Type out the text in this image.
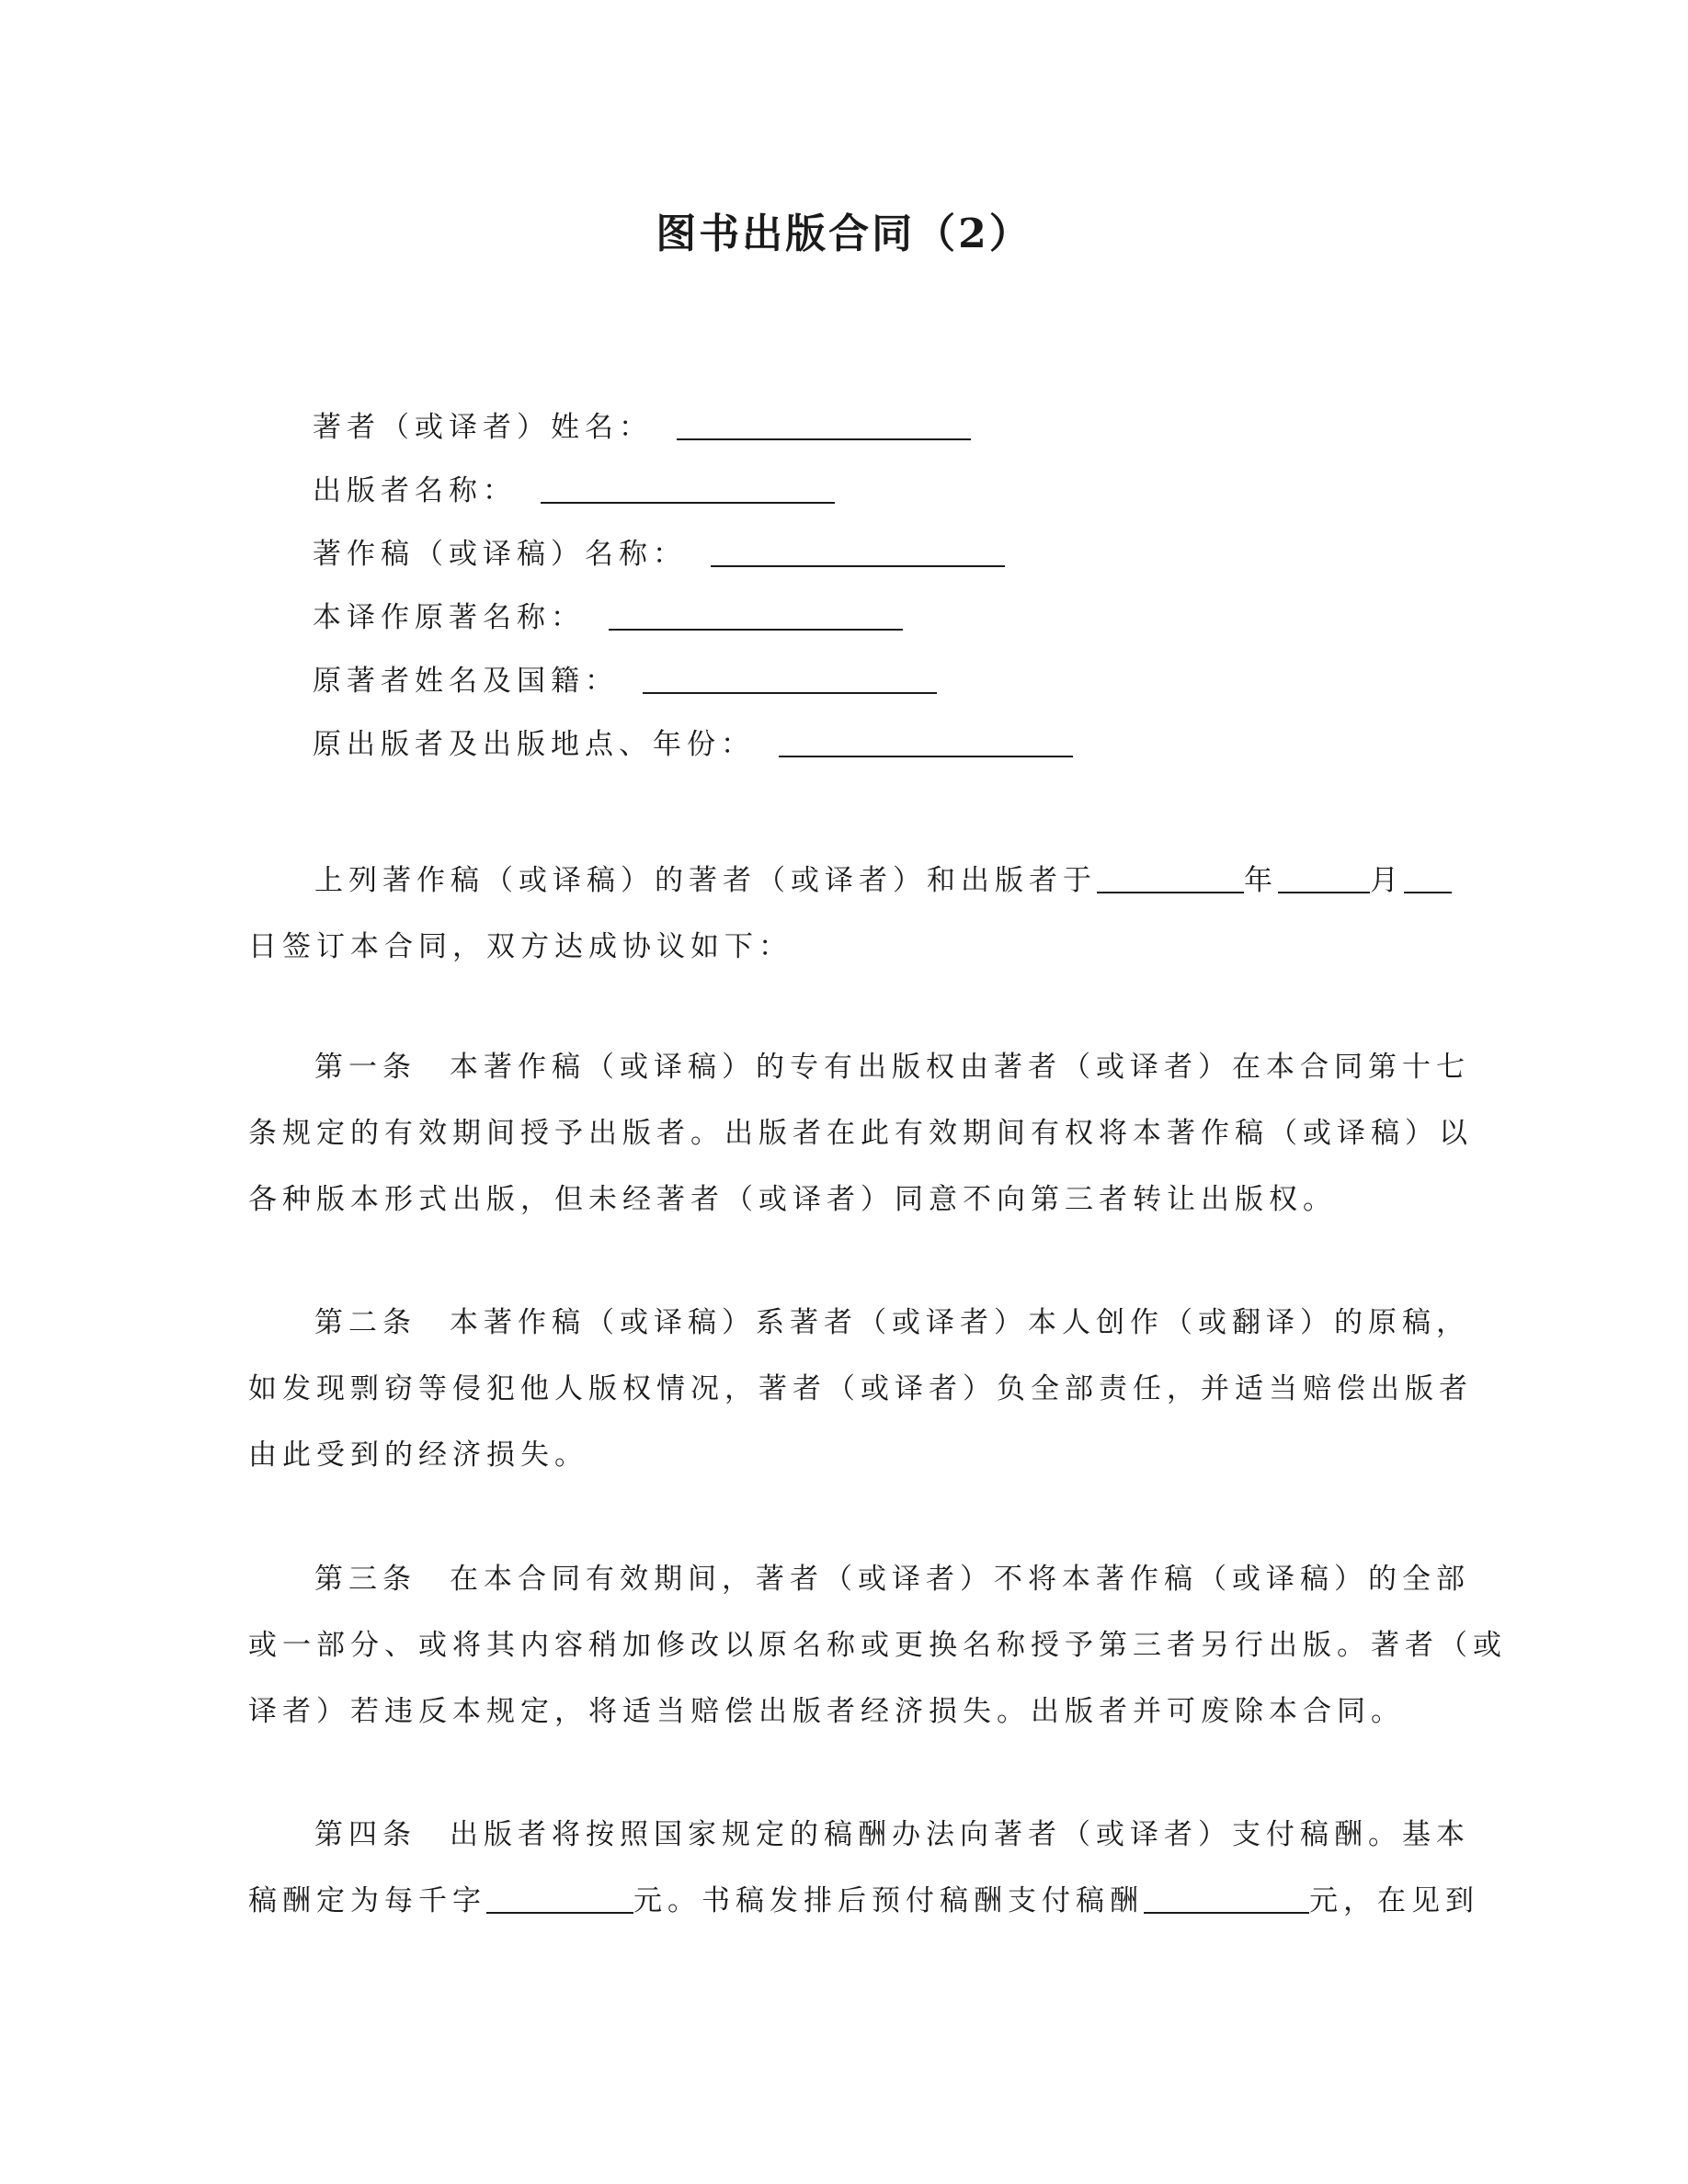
图书出版合同（2）
著者（或译者）姓名：
出版者名称：
著作稿（或译稿）名称：
本译作原著名称：
原著者姓名及国籍：
原出版者及出版地点、年份：
上列著作稿（或译稿）的著者（或译者）和出版者于	年	月
日签订本合同，双方达成协议如下：
第一条 本著作稿（或译稿）的专有出版权由著者（或译者）在本合同第十七
条规定的有效期间授予出版者。出版者在此有效期间有权将本著作稿（或译稿）以
各种版本形式出版，但未经著者（或译者）同意不向第三者转让出版权。
第二条 本著作稿（或译稿）系著者（或译者）本人创作（或翻译）的原稿，
如发现剽窃等侵犯他人版权情况，著者（或译者）负全部责任，并适当赔偿出版者
由此受到的经济损失。
第三条 在本合同有效期间，著者（或译者）不将本著作稿（或译稿）的全部
或一部分、或将其内容稍加修改以原名称或更换名称授予第三者另行出版。著者（或
译者）若违反本规定，将适当赔偿出版者经济损失。出版者并可废除本合同。
第四条 出版者将按照国家规定的稿酬办法向著者（或译者）支付稿酬。基本
稿酬定为每千字	元。书稿发排后预付稿酬支付稿酬	元，在见到
